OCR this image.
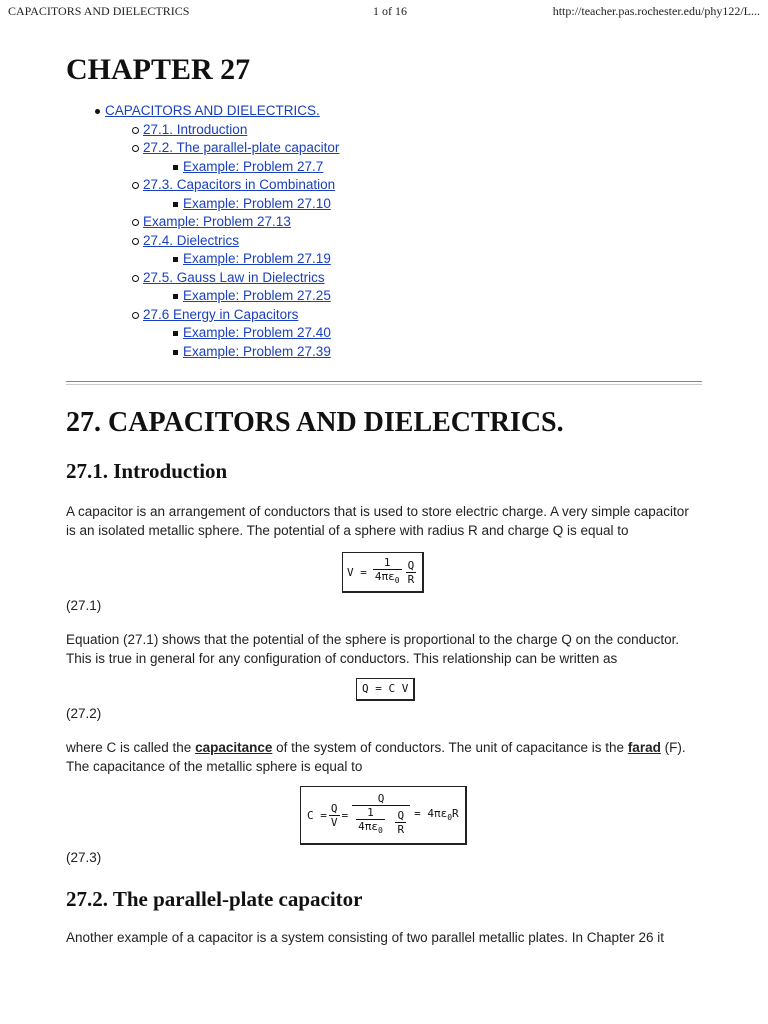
CAPACITORS AND DIELECTRICS	1 of 16	http://teacher.pas.rochester.edu/phy122/L...
CHAPTER 27
CAPACITORS AND DIELECTRICS.
27.1. Introduction
27.2. The parallel-plate capacitor
Example: Problem 27.7
27.3. Capacitors in Combination
Example: Problem 27.10
Example: Problem 27.13
27.4. Dielectrics
Example: Problem 27.19
27.5. Gauss Law in Dielectrics
Example: Problem 27.25
27.6 Energy in Capacitors
Example: Problem 27.40
Example: Problem 27.39
27. CAPACITORS AND DIELECTRICS.
27.1. Introduction

A capacitor is an arrangement of conductors that is used to store electric charge. A very simple capacitor is an isolated metallic sphere. The potential of a sphere with radius R and charge Q is equal to

$V = \frac{1}{4\pi\varepsilon_0} \frac{Q}{R}$
(27.1)

Equation (27.1) shows that the potential of the sphere is proportional to the charge Q on the conductor. This is true in general for any configuration of conductors. This relationship can be written as

Q = C V
(27.2)

where C is called the capacitance of the system of conductors. The unit of capacitance is the farad (F). The capacitance of the metallic sphere is equal to

$C = \frac{Q}{V}$ =
Q
$\frac{1}{4\pi\varepsilon_0}$
$\frac{Q}{R} = 4\pi\varepsilon_0R$
(27.3)
27.2. The parallel-plate capacitor

Another example of a capacitor is a system consisting of two parallel metallic plates. In Chapter 26 it
